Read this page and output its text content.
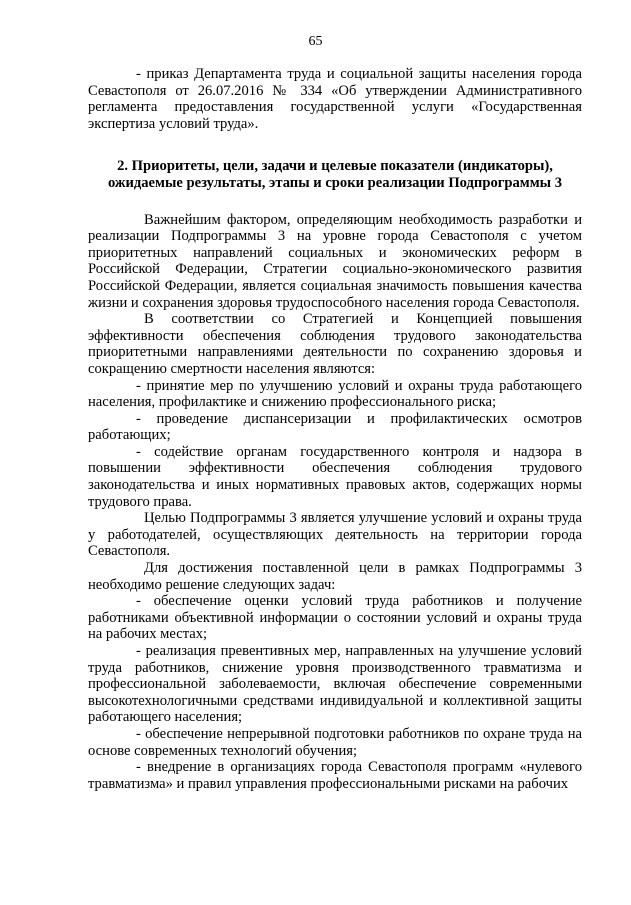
65

- приказ Департамента труда и социальной защиты населения города Севастополя от 26.07.2016 № 334 «Об утверждении Административного регламента предоставления государственной услуги «Государственная экспертиза условий труда».

2. Приоритеты, цели, задачи и целевые показатели (индикаторы), ожидаемые результаты, этапы и сроки реализации Подпрограммы 3

Важнейшим фактором, определяющим необходимость разработки и реализации Подпрограммы 3 на уровне города Севастополя с учетом приоритетных направлений социальных и экономических реформ в Российской Федерации, Стратегии социально-экономического развития Российской Федерации, является социальная значимость повышения качества жизни и сохранения здоровья трудоспособного населения города Севастополя.

В соответствии со Стратегией и Концепцией повышения эффективности обеспечения соблюдения трудового законодательства приоритетными направлениями деятельности по сохранению здоровья и сокращению смертности населения являются:

- принятие мер по улучшению условий и охраны труда работающего населения, профилактике и снижению профессионального риска;

- проведение диспансеризации и профилактических осмотров работающих;

- содействие органам государственного контроля и надзора в повышении эффективности обеспечения соблюдения трудового законодательства и иных нормативных правовых актов, содержащих нормы трудового права.

Целью Подпрограммы 3 является улучшение условий и охраны труда у работодателей, осуществляющих деятельность на территории города Севастополя.

Для достижения поставленной цели в рамках Подпрограммы 3 необходимо решение следующих задач:

- обеспечение оценки условий труда работников и получение работниками объективной информации о состоянии условий и охраны труда на рабочих местах;

- реализация превентивных мер, направленных на улучшение условий труда работников, снижение уровня производственного травматизма и профессиональной заболеваемости, включая обеспечение современными высокотехнологичными средствами индивидуальной и коллективной защиты работающего населения;

- обеспечение непрерывной подготовки работников по охране труда на основе современных технологий обучения;

- внедрение в организациях города Севастополя программ «нулевого травматизма» и правил управления профессиональными рисками на рабочих
